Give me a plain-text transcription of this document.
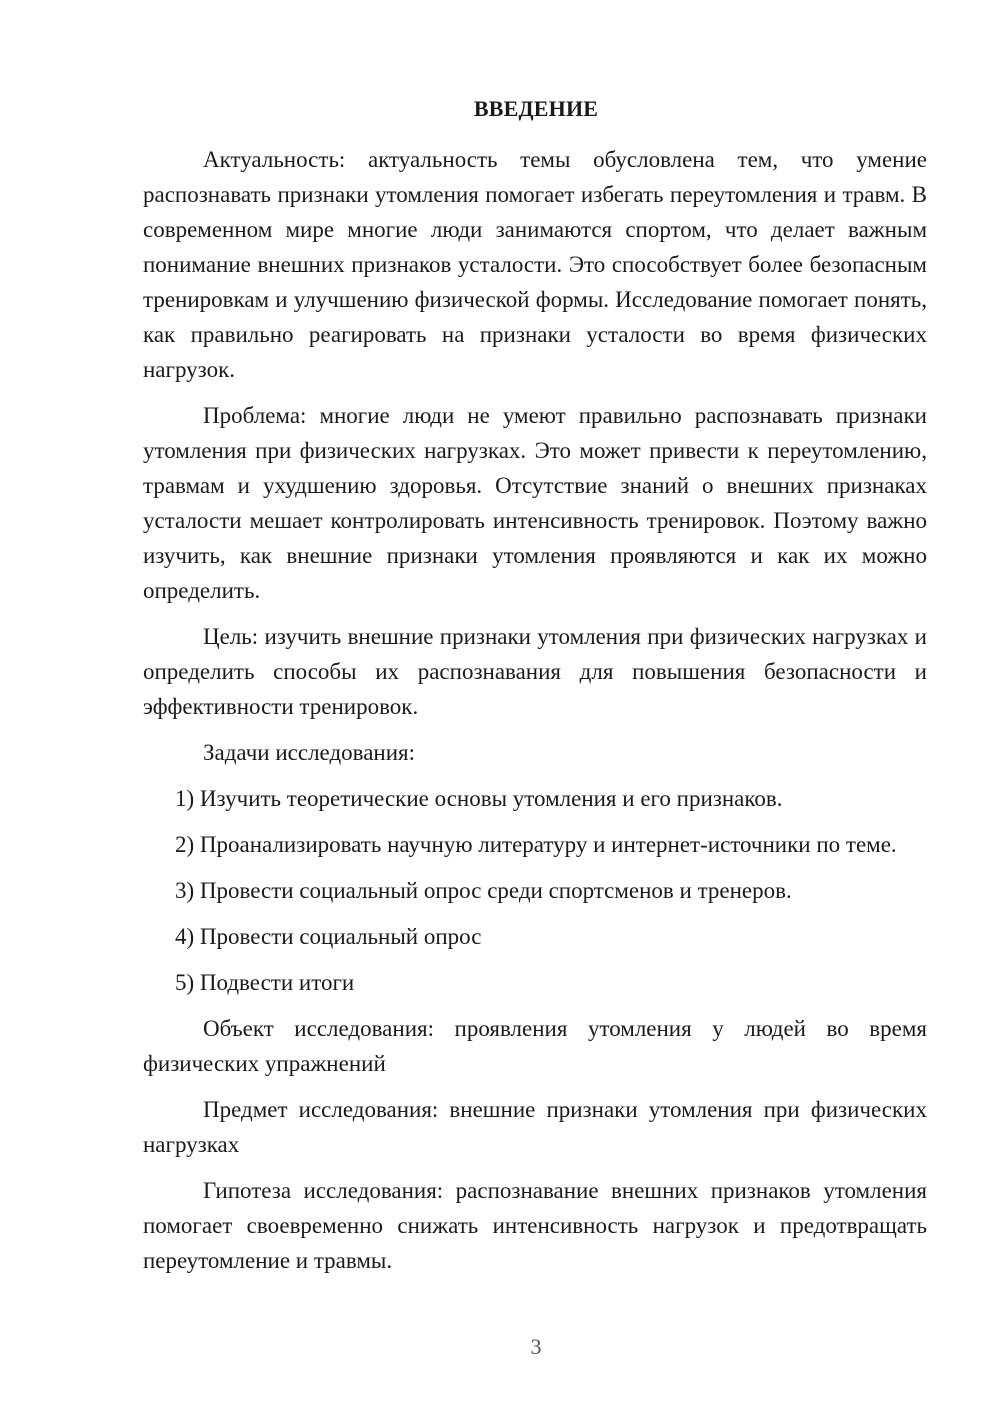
ВВЕДЕНИЕ

Актуальность: актуальность темы обусловлена тем, что умение распознавать признаки утомления помогает избегать переутомления и травм. В современном мире многие люди занимаются спортом, что делает важным понимание внешних признаков усталости. Это способствует более безопасным тренировкам и улучшению физической формы. Исследование помогает понять, как правильно реагировать на признаки усталости во время физических нагрузок.

Проблема: многие люди не умеют правильно распознавать признаки утомления при физических нагрузках. Это может привести к переутомлению, травмам и ухудшению здоровья. Отсутствие знаний о внешних признаках усталости мешает контролировать интенсивность тренировок. Поэтому важно изучить, как внешние признаки утомления проявляются и как их можно определить.

Цель: изучить внешние признаки утомления при физических нагрузках и определить способы их распознавания для повышения безопасности и эффективности тренировок.

Задачи исследования:

1) Изучить теоретические основы утомления и его признаков.

2) Проанализировать научную литературу и интернет-источники по теме.

3) Провести социальный опрос среди спортсменов и тренеров.

4) Провести социальный опрос

5) Подвести итоги

Объект исследования: проявления утомления у людей во время физических упражнений

Предмет исследования: внешние признаки утомления при физических нагрузках

Гипотеза исследования: распознавание внешних признаков утомления помогает своевременно снижать интенсивность нагрузок и предотвращать переутомление и травмы.

3
